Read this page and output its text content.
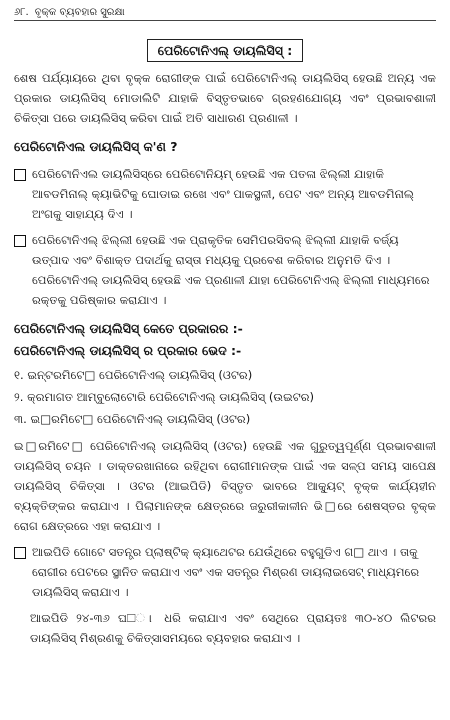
୬୮. ବୃକ୍କ ବ୍ୟବହାର ସୁରକ୍ଷା
ପେରିଟୋନିଏଲ୍ ଡାୟଲିସିସ୍ :

ଶେଷ ପର୍ଯ୍ୟାୟରେ ଥିବା ବୃକ୍କ ରୋଗୀଙ୍କ ପାଇଁ ପେରିଟୋନିଏଲ୍ ଡାୟଲିସିସ୍ ହେଉଛି ଅନ୍ୟ ଏକ ପ୍ରକାର ଡାୟଲିସିସ୍ ମୋଡାଲିଟି ଯାହାକି ବିସ୍ତୃତଭାବେ ଗ୍ରହଣଯୋଗ୍ୟ ଏବଂ ପ୍ରଭାବଶାଳୀ ଚିକିତ୍ସା ପରେ ଡାୟଲିସିସ୍ କରିବା ପାଇଁ ଅତି ସାଧାରଣ ପ୍ରଣାଳୀ ।

ପେରିଟୋନିଏଲ ଡାୟଲିସିସ୍ କ'ଣ ?
ପେରିଟୋନିଏଲ ଡାୟଲିସିସ୍‌ରେ ପେରିଟୋନିୟମ୍ ହେଉଛି ଏକ ପତଳା ଝିଲ୍ଲୀ ଯାହାକି ଆବଡମିନାଲ୍ କ୍ୟାଭିଟିକୁ ଘୋଡାଇ ରଖେ ଏବଂ ପାକସ୍ଥଳୀ, ପେଟ ଏବଂ ଅନ୍ୟ ଆବଡମିନାଲ୍ ଅଂଗକୁ ସାହାଯ୍ୟ ଦିଏ ।
ପେରିଟୋନିଏଲ୍ ଝିଲ୍ଲୀ ହେଉଛି ଏକ ପ୍ରାକୃତିକ ସେମିପରସିବଲ୍ ଝିଲ୍ଲୀ ଯାହାକି ବର୍ଜ୍ୟ ଉତ୍ପାଦ ଏବଂ ବିଶାକ୍ତ ପଦାର୍ଥକୁ ରାସ୍ତା ମଧ୍ୟକୁ ପ୍ରବେଶ କରିବାର ଅନୁମତି ଦିଏ । ପେରିଟୋନିଏଲ୍ ଡାୟଲିସିସ୍ ହେଉଛି ଏକ ପ୍ରଣାଳୀ ଯାହା ପେରିଟୋନିଏଲ୍ ଝିଲ୍ଲୀ ମାଧ୍ୟମରେ ରକ୍ତକୁ ପରିଷ୍କାର କରାଯାଏ ।
ପେରିଟୋନିଏଲ୍ ଡାୟଲିସିସ୍ କେତେ ପ୍ରକାରର :-
ପେରିଟୋନିଏଲ୍ ଡାୟଲିସିସ୍ ର ପ୍ରକାର ଭେଦ :-
୧. ଇନ୍‌ଟରମିଟେ□ ପେରିଟୋନିଏଲ୍ ଡାୟଲିସିସ୍ (ଓଟର)
୨. କ୍ରମାଗତ ଆମ୍ବୁଲୋଟୋରି ପେରିଟୋନିଏଲ୍ ଡାୟଲିସିସ୍ (ଉଇଟର)
୩. ଇ□ରମିଟେ□ ପେରିଟୋନିଏଲ୍ ଡାୟଲିସିସ୍ (ଓଟର)

ଇ□ରମିଟେ□ ପେରିଟୋନିଏଲ୍ ଡାୟଲିସିସ୍ (ଓଟର) ହେଉଛି ଏକ ଗୁରୁତ୍ୱପୂର୍ଣ୍ଣ ପ୍ରଭାବଶାଳୀ ଡାୟଲିସିସ୍ ଚୟନ । ଡାକ୍ତରଖାନାରେ ରହିଥିବା ରୋଗୀମାନଙ୍କ ପାଇଁ ଏକ ସଳ୍ପ ସମୟ ସାପେକ୍ଷ ଡାୟଲିସିସ୍ ଚିକିତ୍ସା । ଓଟର (ଆଇପିଡି) ବିସ୍ତୃତ ଭାବରେ ଆକ୍ୟୁଟ୍ ବୃକ୍କ କାର୍ଯ୍ୟହୀନ ବ୍ୟକ୍ତିଙ୍କର କରାଯାଏ । ପିଲାମାନଙ୍କ କ୍ଷେତ୍ରରେ ଜରୁରୀକାଳୀନ ଭି□ରେ ଶେଷସ୍ତର ବୃକ୍କ ରୋଗ କ୍ଷେତ୍ରରେ ଏହା କରାଯାଏ ।

ଆଇପିଡି ଗୋଟେ ସତନ୍ତ୍ର ପ୍ଲାଷ୍ଟିକ୍ କ୍ୟାଥେଟର ଯେଉଁଥିରେ ବହୁଗୁଡିଏ ଗ□ ଥାଏ । ତାକୁ ରୋଗୀର ପେଟରେ ସ୍ଥାନିତ କରାଯାଏ ଏବଂ ଏକ ସତନ୍ତ୍ର ମିଶ୍ରଣ ଡାୟଲାଇସେଟ୍ ମାଧ୍ୟମରେ ଡାୟଲିସିସ୍ କରାଯାଏ ।

ଆଇପିଡି ୨୪-୩୬ ଘ□ା ଧରି କରାଯାଏ ଏବଂ ସେଥିରେ ପ୍ରାୟତଃ ୩୦-୪୦ ଲିଟରର ଡାୟଲିସିସ୍ ମିଶ୍ରଣକୁ ଚିକିତ୍ସାସମୟରେ ବ୍ୟବହାର କରାଯାଏ ।
